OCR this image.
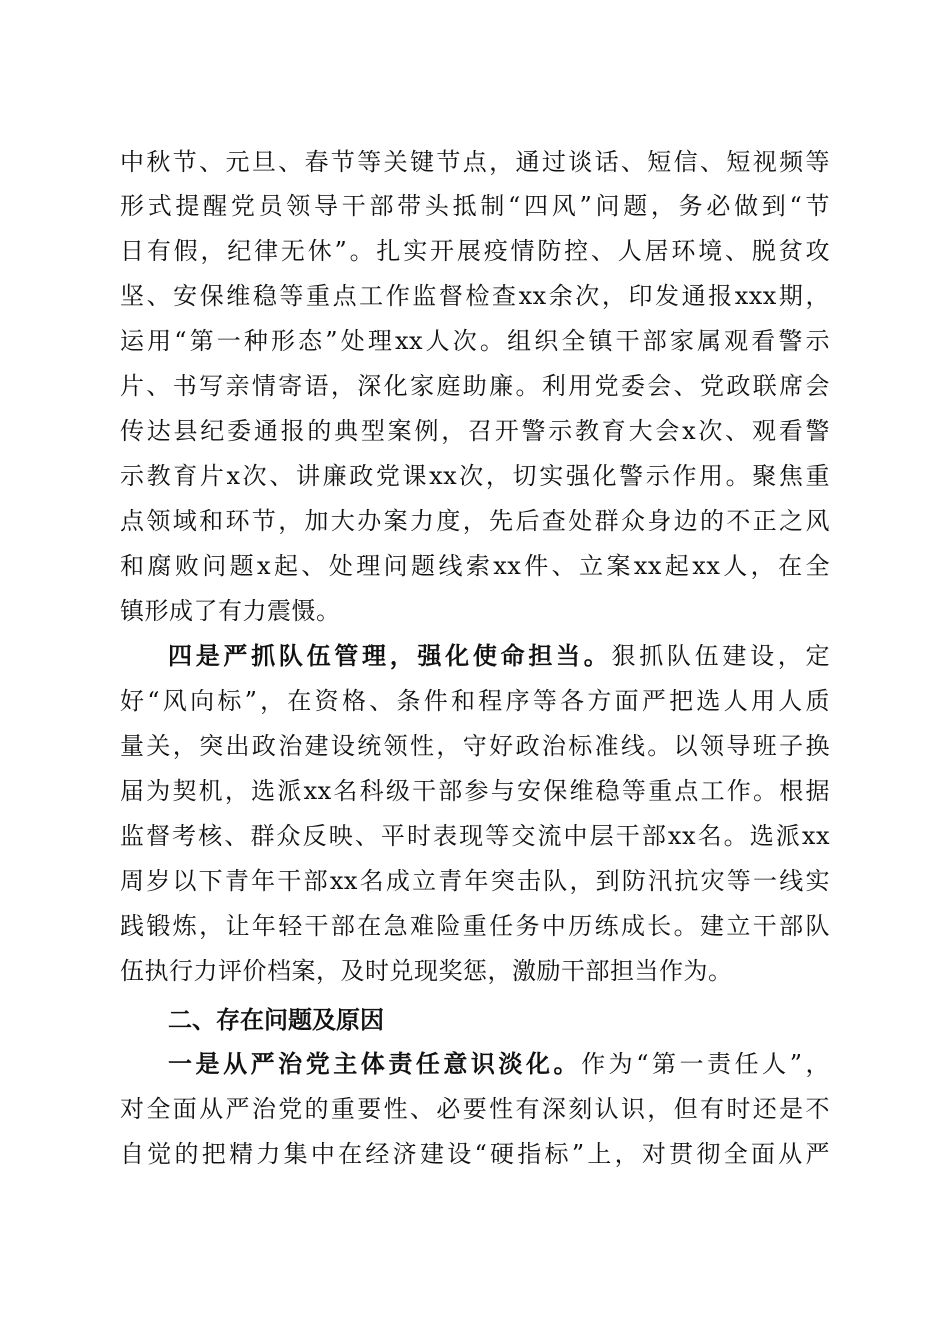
中秋节、元旦、春节等关键节点，通过谈话、短信、短视频等
形式提醒党员领导干部带头抵制“四风”问题，务必做到“节
日有假，纪律无休”。扎实开展疫情防控、人居环境、脱贫攻
坚、安保维稳等重点工作监督检查xx余次，印发通报xxx期，
运用“第一种形态”处理xx人次。组织全镇干部家属观看警示
片、书写亲情寄语，深化家庭助廉。利用党委会、党政联席会
传达县纪委通报的典型案例，召开警示教育大会x次、观看警
示教育片x次、讲廉政党课xx次，切实强化警示作用。聚焦重
点领域和环节，加大办案力度，先后查处群众身边的不正之风
和腐败问题x起、处理问题线索xx件、立案xx起xx人，在全
镇形成了有力震慑。
四是严抓队伍管理，强化使命担当。狠抓队伍建设，定
好“风向标”，在资格、条件和程序等各方面严把选人用人质
量关，突出政治建设统领性，守好政治标准线。以领导班子换
届为契机，选派xx名科级干部参与安保维稳等重点工作。根据
监督考核、群众反映、平时表现等交流中层干部xx名。选派xx
周岁以下青年干部xx名成立青年突击队，到防汛抗灾等一线实
践锻炼，让年轻干部在急难险重任务中历练成长。建立干部队
伍执行力评价档案，及时兑现奖惩，激励干部担当作为。
二、存在问题及原因
一是从严治党主体责任意识淡化。作为“第一责任人”，
对全面从严治党的重要性、必要性有深刻认识，但有时还是不
自觉的把精力集中在经济建设“硬指标”上，对贯彻全面从严
